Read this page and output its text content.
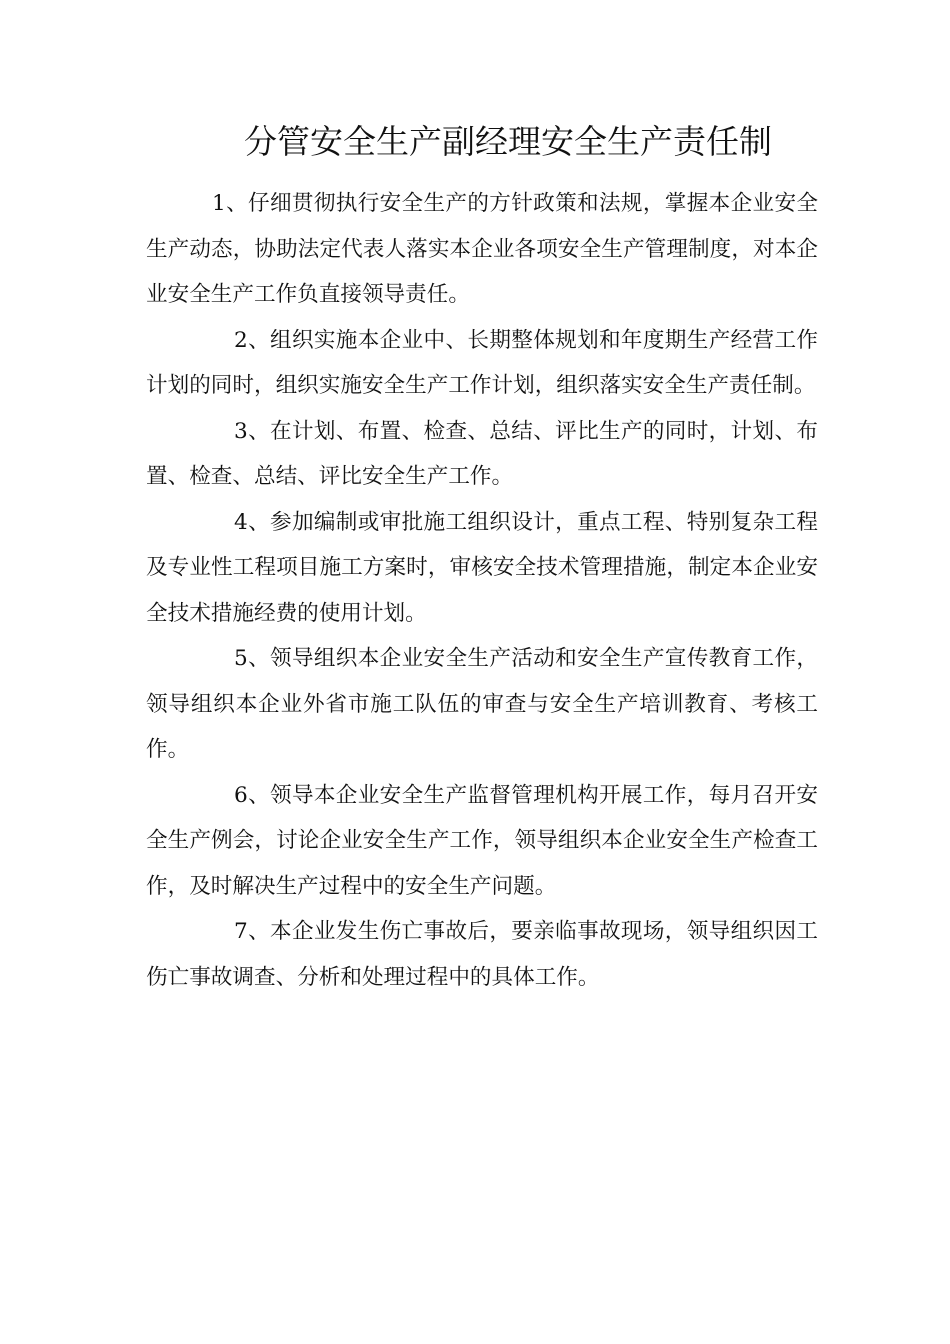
分管安全生产副经理安全生产责任制

1、仔细贯彻执行安全生产的方针政策和法规，掌握本企业安全生产动态，协助法定代表人落实本企业各项安全生产管理制度，对本企业安全生产工作负直接领导责任。

2、组织实施本企业中、长期整体规划和年度期生产经营工作计划的同时，组织实施安全生产工作计划，组织落实安全生产责任制。

3、在计划、布置、检查、总结、评比生产的同时，计划、布置、检查、总结、评比安全生产工作。

4、参加编制或审批施工组织设计，重点工程、特别复杂工程及专业性工程项目施工方案时，审核安全技术管理措施，制定本企业安全技术措施经费的使用计划。

5、领导组织本企业安全生产活动和安全生产宣传教育工作，领导组织本企业外省市施工队伍的审查与安全生产培训教育、考核工作。

6、领导本企业安全生产监督管理机构开展工作，每月召开安全生产例会，讨论企业安全生产工作，领导组织本企业安全生产检查工作，及时解决生产过程中的安全生产问题。

7、本企业发生伤亡事故后，要亲临事故现场，领导组织因工伤亡事故调查、分析和处理过程中的具体工作。
